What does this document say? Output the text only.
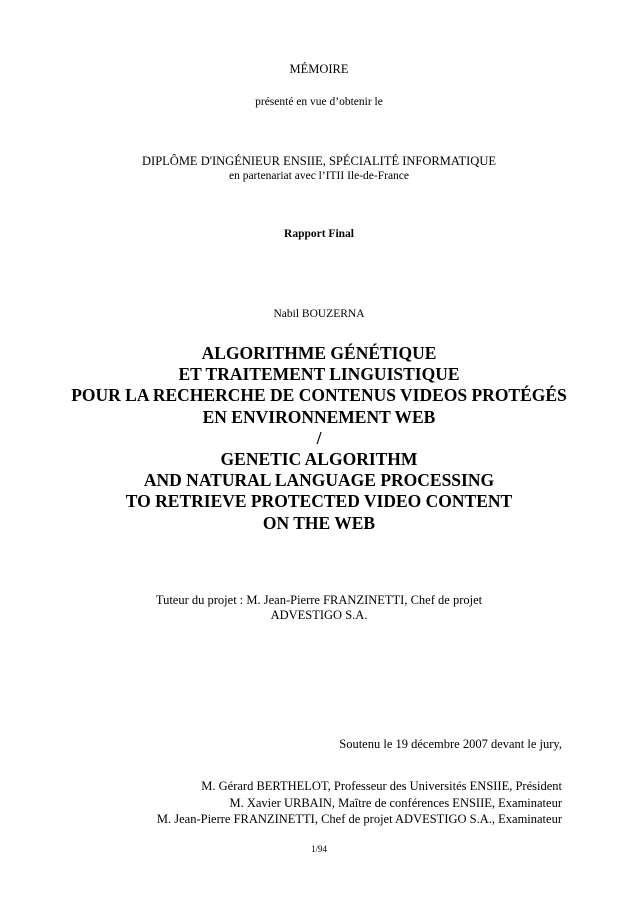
MÉMOIRE
présenté en vue d’obtenir le
DIPLÔME D'INGÉNIEUR ENSIIE, SPÉCIALITÉ INFORMATIQUE
en partenariat avec l’ITII Ile-de-France
Rapport Final
Nabil BOUZERNA
ALGORITHME GÉNÉTIQUE
ET TRAITEMENT LINGUISTIQUE
POUR LA RECHERCHE DE CONTENUS VIDEOS PROTÉGÉS
EN ENVIRONNEMENT WEB
/
GENETIC ALGORITHM
AND NATURAL LANGUAGE PROCESSING
TO RETRIEVE PROTECTED VIDEO CONTENT
ON THE WEB
Tuteur du projet : M. Jean-Pierre FRANZINETTI, Chef de projet
ADVESTIGO S.A.
Soutenu le 19 décembre 2007 devant le jury,
M. Gérard BERTHELOT, Professeur des Universités ENSIIE, Président
M. Xavier URBAIN, Maître de conférences ENSIIE, Examinateur
M. Jean-Pierre FRANZINETTI, Chef de projet ADVESTIGO S.A., Examinateur
1/94
